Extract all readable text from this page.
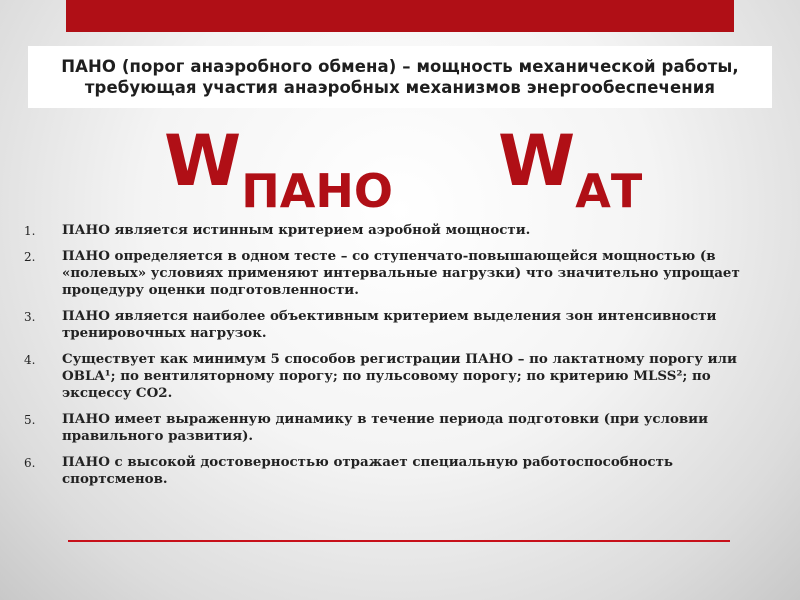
ПАНО (порог анаэробного обмена) – мощность механической работы,
требующая участия анаэробных механизмов энергообеспечения
WПАНО WАТ
1. ПАНО является истинным критерием аэробной мощности.
2. ПАНО определяется в одном тесте – со ступенчато-повышающейся мощностью (в «полевых» условиях применяют интервальные нагрузки) что значительно упрощает процедуру оценки подготовленности.
3. ПАНО является наиболее объективным критерием выделения зон интенсивности тренировочных нагрузок.
4. Существует как минимум 5 способов регистрации ПАНО – по лактатному порогу или OBLA¹; по вентиляторному порогу; по пульсовому порогу; по критерию MLSS²; по эксцессу СО2.
5. ПАНО имеет выраженную динамику в течение периода подготовки (при условии правильного развития).
6. ПАНО с высокой достоверностью отражает специальную работоспособность спортсменов.
